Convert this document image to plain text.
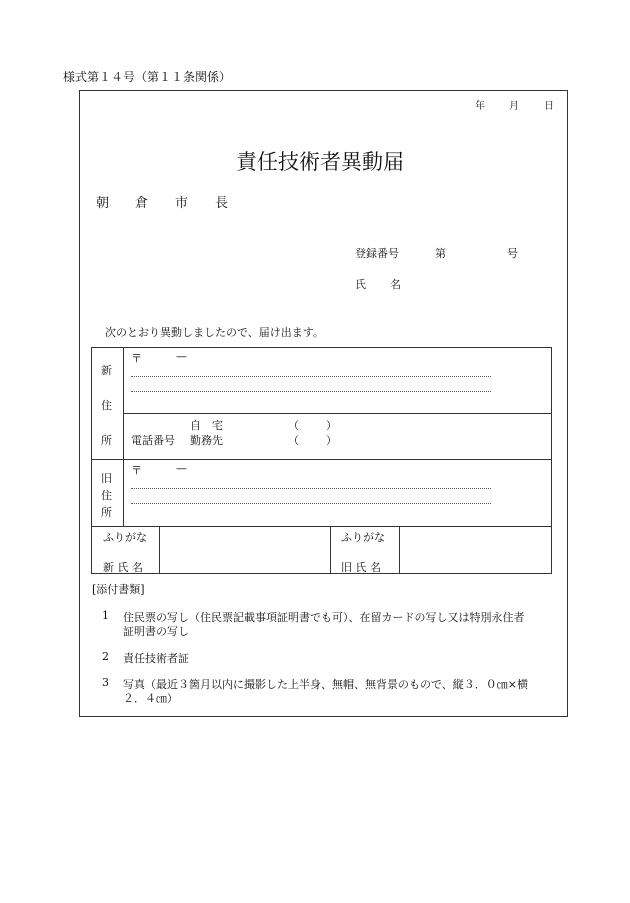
様式第１４号（第１１条関係）
年 月	日
責任技術者異動届
朝 倉 市 長
登録番号	第	号
氏 名
次のとおり異動しましたので、届け出ます。
新
住
所
〒	—
自　宅	（ ）
電話番号 勤務先	（ ）
旧
住
所
〒	—
ふりがな
新 氏 名
ふりがな
旧 氏 名
[添付書類]
1 住民票の写し（住民票記載事項証明書でも可）、在留カードの写し又は特別永住者
証明書の写し
2 責任技術者証
3 写真（最近３箇月以内に撮影した上半身、無帽、無背景のもので、縦３．０㎝×横
２．４㎝）
